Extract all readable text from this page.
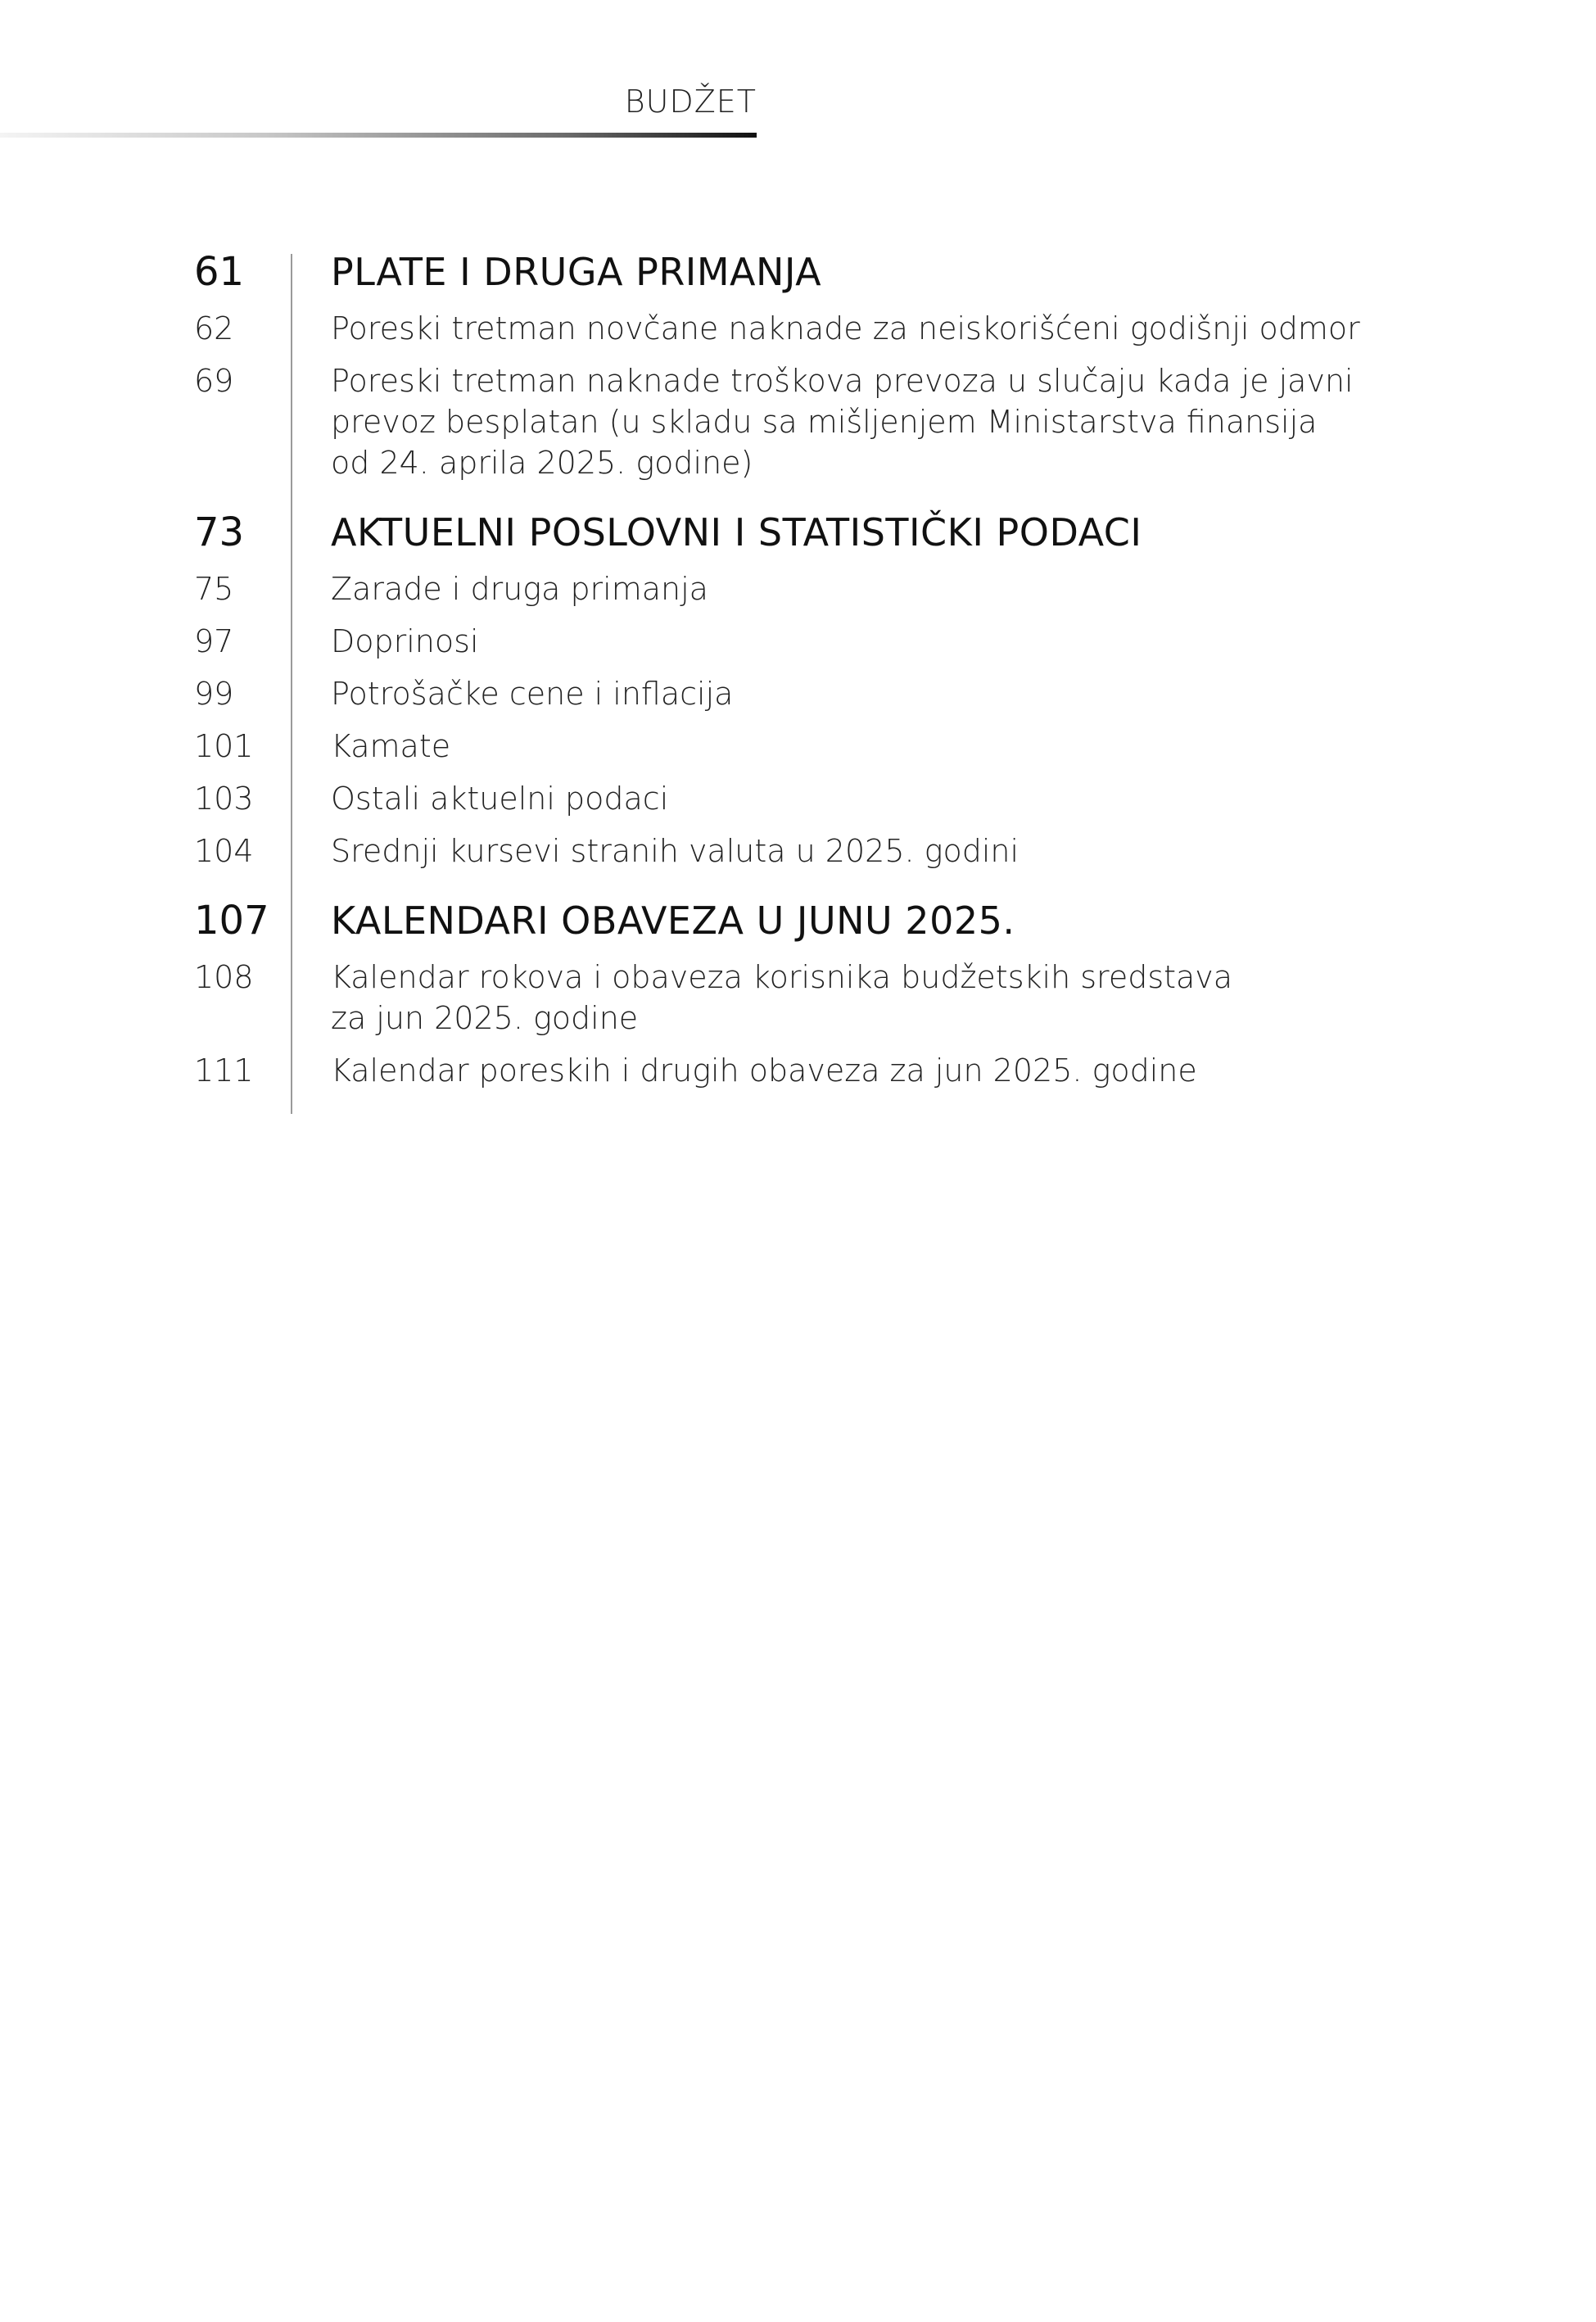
BUDŽET
61	PLATE I DRUGA PRIMANJA
62	Poreski tretman novčane naknade za neiskorišćeni godišnji odmor
69	Poreski tretman naknade troškova prevoza u slučaju kada je javni
prevoz besplatan (u skladu sa mišljenjem Ministarstva finansija
od 24. aprila 2025. godine)
73	AKTUELNI POSLOVNI I STATISTIČKI PODACI
75	Zarade i druga primanja
97	Doprinosi
99	Potrošačke cene i inflacija
101	Kamate
103	Ostali aktuelni podaci
104	Srednji kursevi stranih valuta u 2025. godini
107	KALENDARI OBAVEZA U JUNU 2025.
108	Kalendar rokova i obaveza korisnika budžetskih sredstava
za jun 2025. godine
111	Kalendar poreskih i drugih obaveza za jun 2025. godine
